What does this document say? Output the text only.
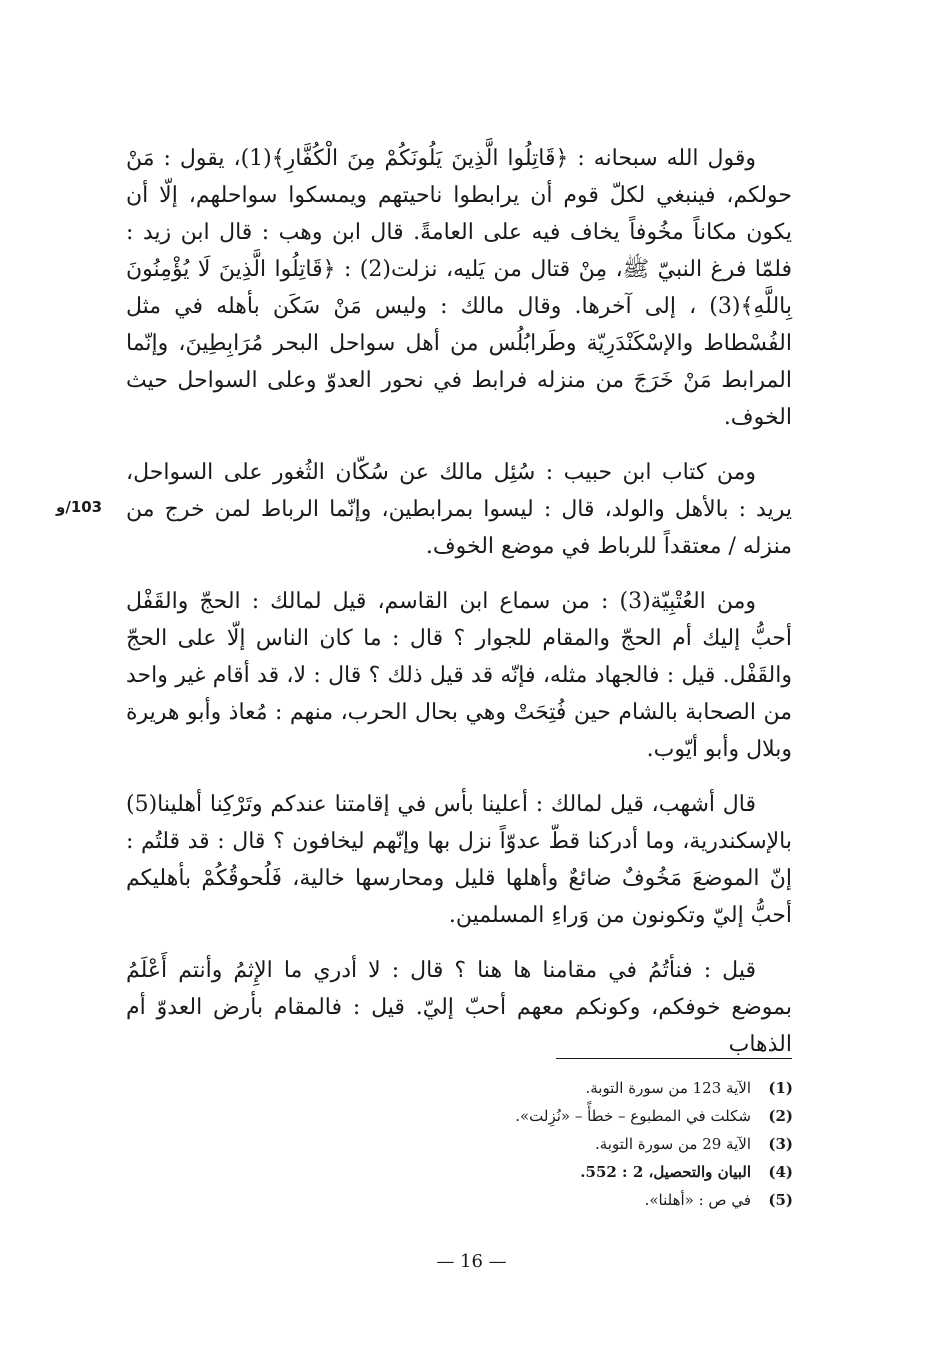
وقول الله سبحانه : ﴿قَاتِلُوا الَّذِينَ يَلُونَكُمْ مِنَ الْكُفَّارِ﴾(1)، يقول : مَنْ حولكم، فينبغي لكلّ قوم أن يرابطوا ناحيتهم ويمسكوا سواحلهم، إلّا أن يكون مكاناً مخُوفاً يخاف فيه على العامةً. قال ابن وهب : قال ابن زيد : فلمّا فرغ النبيّ ﷺ، مِنْ قتال من يَليه، نزلت(2) : ﴿قَاتِلُوا الَّذِينَ لَا يُؤْمِنُونَ بِاللَّهِ﴾(3) ، إلى آخرها. وقال مالك : وليس مَنْ سَكَن بأهله في مثل الفُسْطاط والإسْكَنْدَرِيّة وطَرابُلُس من أهل سواحل البحر مُرَابِطِينَ، وإنّما المرابط مَنْ خَرَجَ من منزله فرابط في نحور العدوّ وعلى السواحل حيث الخوف.

ومن كتاب ابن حبيب : سُئِل مالك عن سُكّان الثُغور على السواحل، يريد : بالأهل والولد، قال : ليسوا بمرابطين، وإنّما الرباط لمن خرج من منزله / معتقداً للرباط في موضع الخوف.

ومن العُتْبِيّة(3) : من سماع ابن القاسم، قيل لمالك : الحجّ والقَفْل أحبُّ إليك أم الحجّ والمقام للجوار ؟ قال : ما كان الناس إلّا على الحجّ والقَفْل. قيل : فالجهاد مثله، فإنّه قد قيل ذلك ؟ قال : لا، قد أقام غير واحد من الصحابة بالشام حين فُتِحَتْ وهي بحال الحرب، منهم : مُعاذ وأبو هريرة وبلال وأبو أيّوب.

قال أشهب، قيل لمالك : أعلينا بأس في إقامتنا عندكم وتَرْكِنا أهلينا(5) بالإسكندرية، وما أدركنا قطّ عدوّاً نزل بها وإنّهم ليخافون ؟ قال : قد قلتُم : إنّ الموضعَ مَخُوفٌ ضائعٌ وأهلها قليل ومحارسها خالية، فَلُحوقُكُمْ بأهليكم أحبُّ إليّ وتكونون من وَراءِ المسلمين.

قيل : فنأتُمُ في مقامنا ها هنا ؟ قال : لا أدري ما الإِثمُ وأنتم أَعْلَمُ بموضع خوفكم، وكونكم معهم أحبّ إليّ. قيل : فالمقام بأرض العدوّ أم الذهاب

103/و
(1)
الآية 123 من سورة التوبة.
(2)
شكلت في المطبوع – خطأً – «نُزِلت».
(3)
الآية 29 من سورة التوبة.
(4)
البيان والتحصيل، 2 : 552.
(5)
في ص : «أهلنا».
— 16 —
